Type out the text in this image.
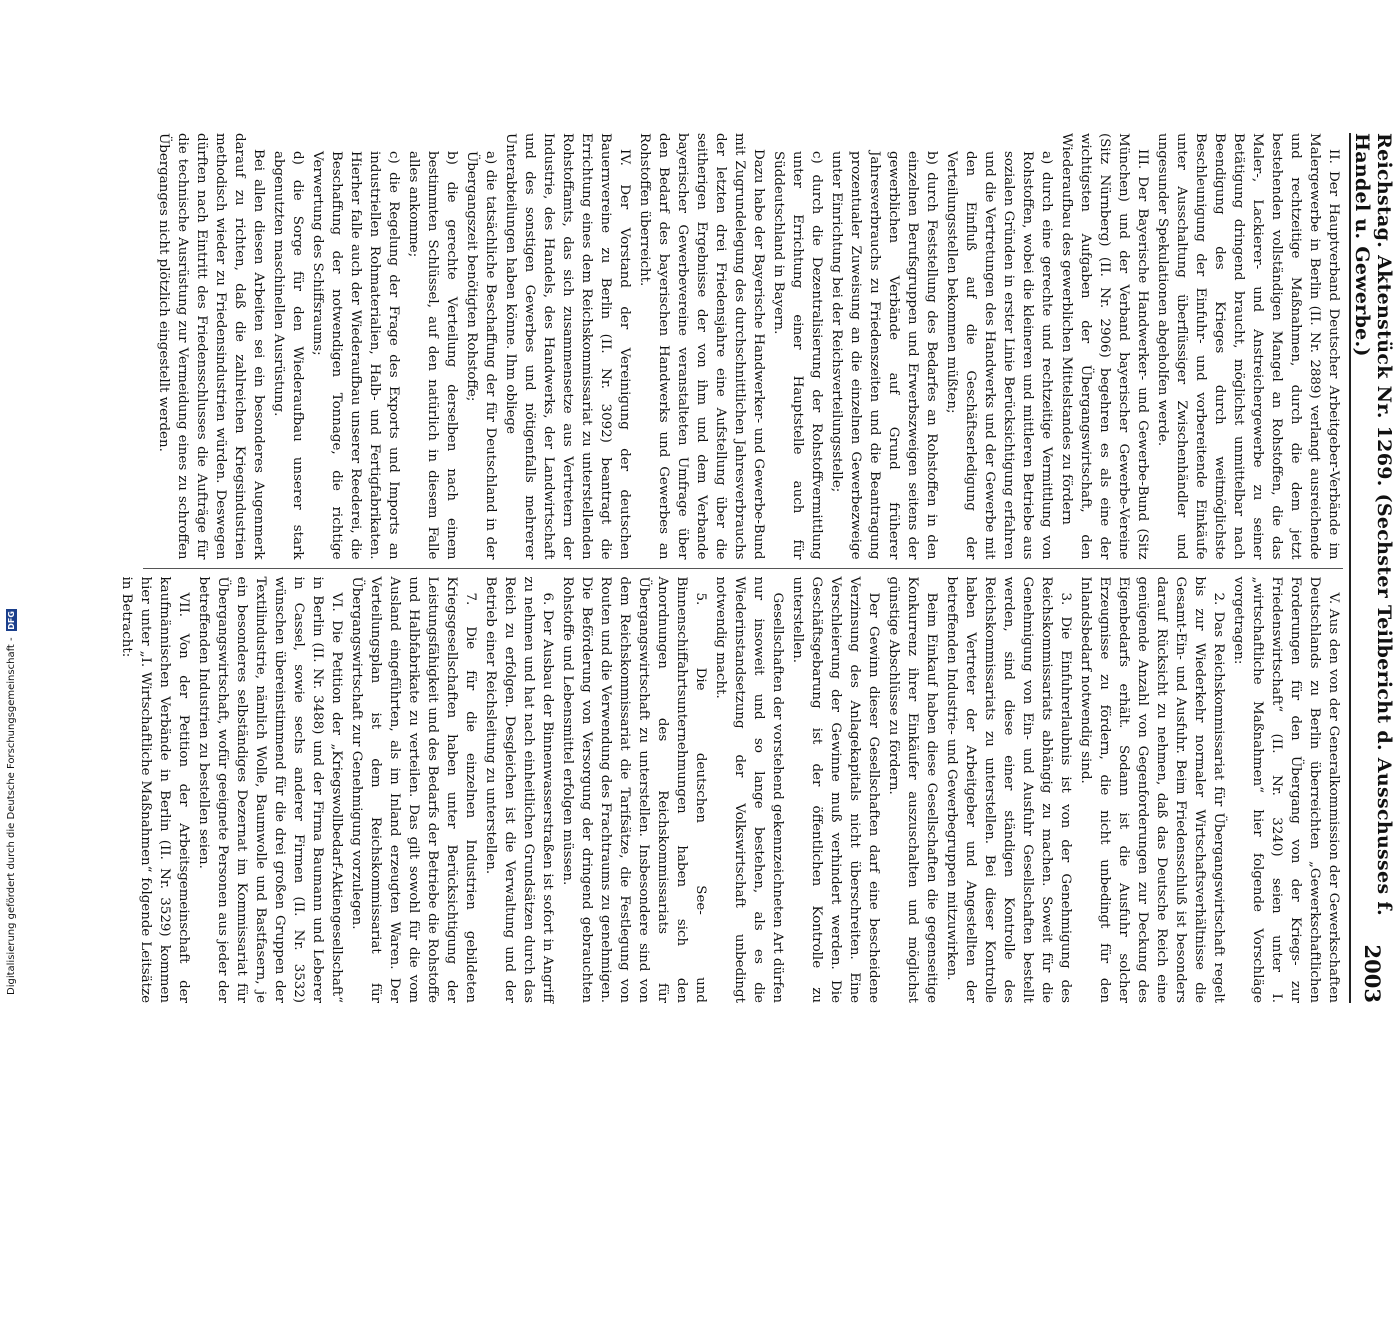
Reichstag. Aktenstück Nr. 1269. (Sechster Teilbericht d. Ausschusses f. Handel u. Gewerbe.)
2003

II. Der Hauptverband Deutscher Arbeitgeber-Verbände im Malergewerbe in Berlin (II. Nr. 2889) verlangt ausreichende und rechtzeitige Maßnahmen, durch die dem jetzt bestehenden vollständigen Mangel an Rohstoffen, die das Maler-, Lackierer- und Anstreichergewerbe zu seiner Betätigung dringend braucht, möglichst unmittelbar nach Beendigung des Krieges durch weitmöglichste Beschleunigung der Einfuhr- und vorbereitende Einkäufe unter Ausschaltung überflüssiger Zwischenhändler und ungesunder Spekulationen abgeholfen werde.

III. Der Bayerische Handwerker- und Gewerbe-Bund (Sitz München) und der Verband bayerischer Gewerbe-Vereine (Sitz Nürnberg) (II. Nr. 2906) begehren es als eine der wichtigsten Aufgaben der Übergangswirtschaft, den Wiederaufbau des gewerblichen Mittelstandes zu fördern

a) durch eine gerechte und rechtzeitige Vermittlung von Rohstoffen, wobei die kleineren und mittleren Betriebe aus sozialen Gründen in erster Linie Berücksichtigung erfahren und die Vertretungen des Handwerks und der Gewerbe mit den Einfluß auf die Geschäftserledigung der Verteilungsstellen bekommen müßten;

b) durch Feststellung des Bedarfes an Rohstoffen in den einzelnen Berufsgruppen und Erwerbszweigen seitens der gewerblichen Verbände auf Grund früherer Jahresverbrauchs zu Friedenszeiten und die Beantragung prozentualer Zuweisung an die einzelnen Gewerbezweige unter Einrichtung bei der Reichsverteilungsstelle;

c) durch die Dezentralisierung der Rohstoffvermittlung unter Errichtung einer Hauptstelle auch für Süddeutschland in Bayern.

Dazu habe der Bayerische Handwerker- und Gewerbe-Bund mit Zugrundelegung des durchschnittlichen Jahresverbrauchs der letzten drei Friedensjahre eine Aufstellung über die seitherigen Ergebnisse der von ihm und dem Verbande bayerischer Gewerbevereine veranstalteten Umfrage über den Bedarf des bayerischen Handwerks und Gewerbes an Rohstoffen überreicht.

IV. Der Vorstand der Vereinigung der deutschen Bauernvereine zu Berlin (II. Nr. 3092) beantragt die Errichtung eines dem Reichskommissariat zu unterstellenden Rohstoffamts, das sich zusammensetze aus Vertretern der Industrie, des Handels, des Handwerks, der Landwirtschaft und des sonstigen Gewerbes und nötigenfalls mehrerer Unterabteilungen haben könne. Ihm obliege

a) die tatsächliche Beschaffung der für Deutschland in der Übergangszeit benötigten Rohstoffe;

b) die gerechte Verteilung derselben nach einem bestimmten Schlüssel, auf den natürlich in diesem Falle alles ankomme;

c) die Regelung der Frage des Exports und Imports an industriellen Rohmaterialien, Halb- und Fertigfabrikaten. Hierher falle auch der Wiederaufbau unserer Reederei, die Beschaffung der notwendigen Tonnage, die richtige Verwertung des Schiffsraums;

d) die Sorge für den Wiederaufbau unserer stark abgenutzten maschinellen Ausrüstung.

Bei allen diesen Arbeiten sei ein besonderes Augenmerk darauf zu richten, daß die zahlreichen Kriegsindustrien methodisch wieder zu Friedensindustrien würden. Deswegen dürften nach Eintritt des Friedensschlusses die Aufträge für die technische Ausrüstung zur Vermeidung eines zu schroffen Überganges nicht plötzlich eingestellt werden.

V. Aus den von der Generalkommission der Gewerkschaften Deutschlands zu Berlin überreichten „Gewerkschaftlichen Forderungen für den Übergang von der Kriegs- zur Friedenswirtschaft“ (II. Nr. 3240) seien unter I. „wirtschaftliche Maßnahmen“ hier folgende Vorschläge vorgetragen:

2. Das Reichskommissariat für Übergangswirtschaft regelt bis zur Wiederkehr normaler Wirtschaftsverhältnisse die Gesamt-Ein- und Ausfuhr. Beim Friedensschluß ist besonders darauf Rücksicht zu nehmen, daß das Deutsche Reich eine genügende Anzahl von Gegenforderungen zur Deckung des Eigenbedarfs erhält. Sodann ist die Ausfuhr solcher Erzeugnisse zu fördern, die nicht unbedingt für den Inlandsbedarf notwendig sind.

3. Die Einfuhrerlaubnis ist von der Genehmigung des Reichskommissariats abhängig zu machen. Soweit für die Genehmigung von Ein- und Ausfuhr Gesellschaften bestellt werden, sind diese einer ständigen Kontrolle des Reichskommissariats zu unterstellen. Bei dieser Kontrolle haben Vertreter der Arbeitgeber und Angestellten der betreffenden Industrie- und Gewerbegruppen mitzuwirken.

Beim Einkauf haben diese Gesellschaften die gegenseitige Konkurrenz ihrer Einkäufer auszuschalten und möglichst günstige Abschlüsse zu fördern.

Der Gewinn dieser Gesellschaften darf eine bescheidene Verzinsung des Anlagekapitals nicht überschreiten. Eine Verschleierung der Gewinne muß verhindert werden. Die Geschäftsgebarung ist der öffentlichen Kontrolle zu unterstellen.

Gesellschaften der vorstehend gekennzeichneten Art dürfen nur insoweit und so lange bestehen, als es die Wiederinstandsetzung der Volkswirtschaft unbedingt notwendig macht.

5. Die deutschen See- und Binnenschiffahrtsunternehmungen haben sich den Anordnungen des Reichskommissariats für Übergangswirtschaft zu unterstellen. Insbesondere sind von dem Reichskommissariat die Tarifsätze, die Festlegung von Routen und die Verwendung des Frachtraums zu genehmigen. Die Beförderung von Versorgung der dringend gebrauchten Rohstoffe und Lebensmittel erfolgen müssen.

6. Der Ausbau der Binnenwasserstraßen ist sofort in Angriff zu nehmen und hat nach einheitlichen Grundsätzen durch das Reich zu erfolgen. Desgleichen ist die Verwaltung und der Betrieb einer Reichsleitung zu unterstellen.

7. Die für die einzelnen Industrien gebildeten Kriegsgesellschaften haben unter Berücksichtigung der Leistungsfähigkeit und des Bedarfs der Betriebe die Rohstoffe und Halbfabrikate zu verteilen. Das gilt sowohl für die vom Ausland eingeführten, als im Inland erzeugten Waren. Der Verteilungsplan ist dem Reichskommissariat für Übergangswirtschaft zur Genehmigung vorzulegen.

VI. Die Petition der „Kriegswollbedarf-Aktiengesellschaft“ in Berlin (II. Nr. 3488) und der Firma Baumann und Leberer in Cassel, sowie sechs anderer Firmen (II. Nr. 3532) wünschen übereinstimmend für die drei großen Gruppen der Textilindustrie, nämlich Wolle, Baumwolle und Bastfasern, je ein besonderes selbständiges Dezernat im Kommissariat für Übergangswirtschaft, wofür geeignete Personen aus jeder der betreffenden Industrien zu bestellen seien.

VII. Von der Petition der Arbeitsgemeinschaft der kaufmännischen Verbände in Berlin (II. Nr. 3529) kommen hier unter „I. Wirtschaftliche Maßnahmen“ folgende Leitsätze in Betracht:

Digitalisierung gefördert durch die Deutsche Forschungsgemeinschaft -
DFG
